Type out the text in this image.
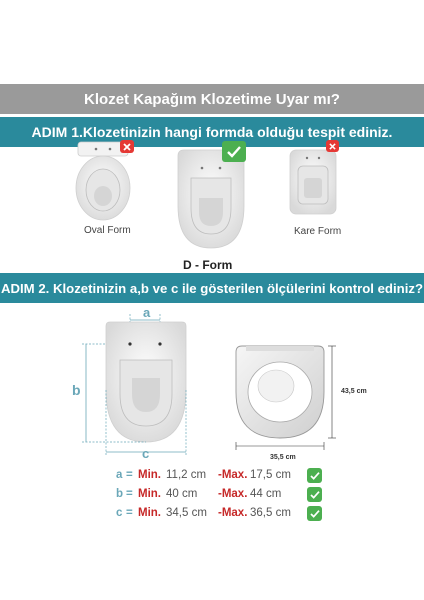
Klozet Kapağım Klozetime Uyar mı?
ADIM 1.Klozetinizin hangi formda olduğu tespit ediniz.
Oval Form
D - Form
Kare Form
ADIM 2. Klozetinizin a,b ve c ile gösterilen ölçülerini kontrol ediniz?
a
b
c	35,5 cm
43,5 cm
a = Min. 11,2 cm -Max. 17,5 cm
b = Min. 40 cm -Max. 44 cm
c = Min. 34,5 cm -Max. 36,5 cm
